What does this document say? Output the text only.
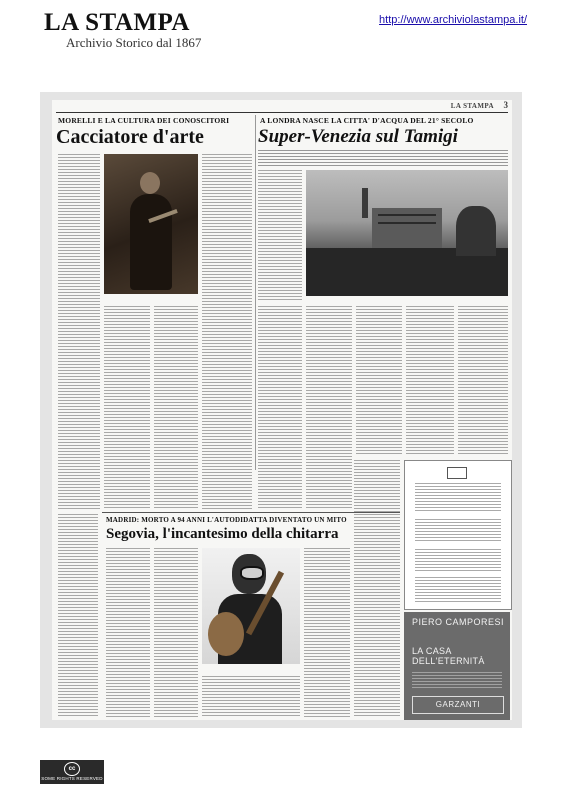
LA STAMPA
Archivio Storico dal 1867
http://www.archiviolastampa.it/
LA STAMPA 3
MORELLI E LA CULTURA DEI CONOSCITORI
Cacciatore d'arte
A LONDRA NASCE LA CITTA' D'ACQUA DEL 21° SECOLO
Super-Venezia sul Tamigi
MADRID: MORTO A 94 ANNI L'AUTODIDATTA DIVENTATO UN MITO
Segovia, l'incantesimo della chitarra
PIERO CAMPORESI
LA CASA
DELL'ETERNITÀ
GARZANTI
cc
SOME RIGHTS RESERVED
